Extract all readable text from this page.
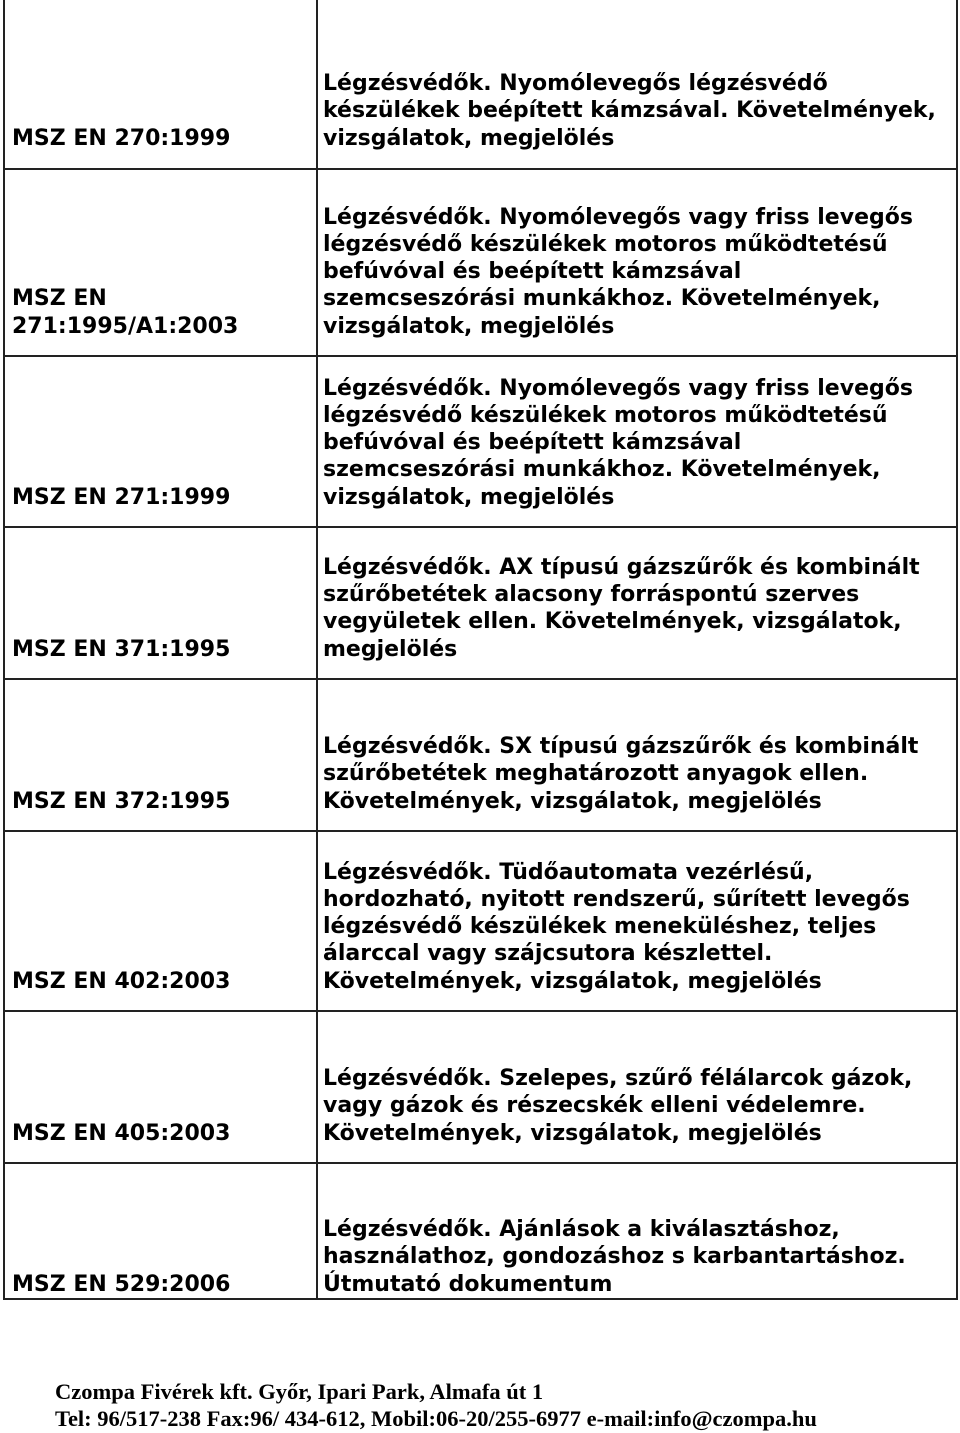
MSZ EN 270:1999
Légzésvédők. Nyomólevegős légzésvédő
készülékek beépített kámzsával. Követelmények,
vizsgálatok, megjelölés
MSZ EN
271:1995/A1:2003
Légzésvédők. Nyomólevegős vagy friss levegős
légzésvédő készülékek motoros működtetésű
befúvóval és beépített kámzsával
szemcseszórási munkákhoz. Követelmények,
vizsgálatok, megjelölés
MSZ EN 271:1999
Légzésvédők. Nyomólevegős vagy friss levegős
légzésvédő készülékek motoros működtetésű
befúvóval és beépített kámzsával
szemcseszórási munkákhoz. Követelmények,
vizsgálatok, megjelölés
MSZ EN 371:1995
Légzésvédők. AX típusú gázszűrők és kombinált
szűrőbetétek alacsony forráspontú szerves
vegyületek ellen. Követelmények, vizsgálatok,
megjelölés
MSZ EN 372:1995
Légzésvédők. SX típusú gázszűrők és kombinált
szűrőbetétek meghatározott anyagok ellen.
Követelmények, vizsgálatok, megjelölés
MSZ EN 402:2003
Légzésvédők. Tüdőautomata vezérlésű,
hordozható, nyitott rendszerű, sűrített levegős
légzésvédő készülékek meneküléshez, teljes
álarccal vagy szájcsutora készlettel.
Követelmények, vizsgálatok, megjelölés
MSZ EN 405:2003
Légzésvédők. Szelepes, szűrő félálarcok gázok,
vagy gázok és részecskék elleni védelemre.
Követelmények, vizsgálatok, megjelölés
MSZ EN 529:2006
Légzésvédők. Ajánlások a kiválasztáshoz,
használathoz, gondozáshoz s karbantartáshoz.
Útmutató dokumentum
Czompa Fivérek kft. Győr, Ipari Park, Almafa út 1
Tel: 96/517-238 Fax:96/ 434-612, Mobil:06-20/255-6977 e-mail:info@czompa.hu
